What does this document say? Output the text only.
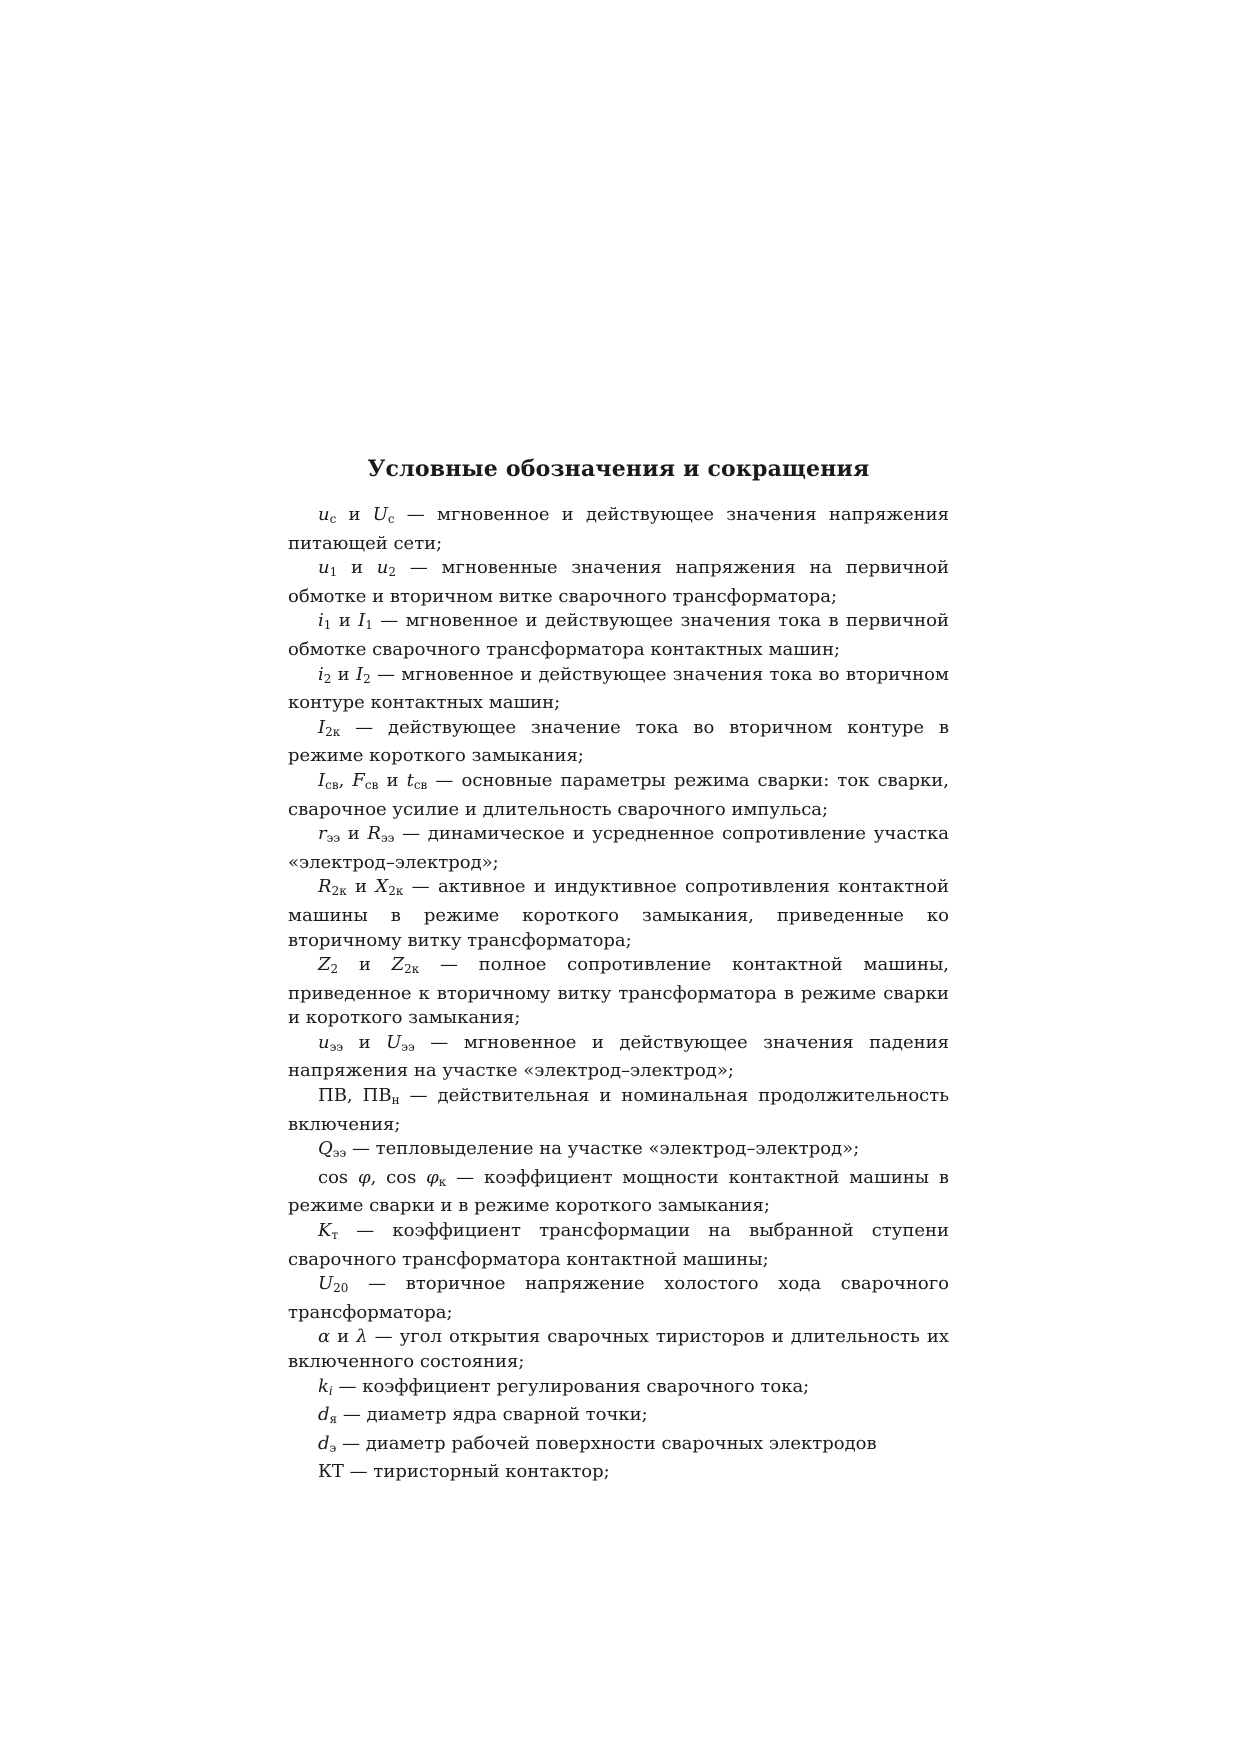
Условные обозначения и сокращения

$u_с$ и $U_с$ — мгновенное и действующее значения напряжения питающей сети;

$u_1$ и $u_2$ — мгновенные значения напряжения на первичной обмотке и вторичном витке сварочного трансформатора;

$i_1$ и $I_1$ — мгновенное и действующее значения тока в первичной обмотке сварочного трансформатора контактных машин;

$i_2$ и $I_2$ — мгновенное и действующее значения тока во вторичном контуре контактных машин;

$I_{2к}$ — действующее значение тока во вторичном контуре в режиме короткого замыкания;

$I_{св}$, $F_{св}$ и $t_{св}$ — основные параметры режима сварки: ток сварки, сварочное усилие и длительность сварочного импульса;

$r_{ээ}$ и $R_{ээ}$ — динамическое и усредненное сопротивление участка «электрод–электрод»;

$R_{2к}$ и $X_{2к}$ — активное и индуктивное сопротивления контактной машины в режиме короткого замыкания, приведенные ко вторичному витку трансформатора;

$Z_2$ и $Z_{2к}$ — полное сопротивление контактной машины, приведенное к вторичному витку трансформатора в режиме сварки и короткого замыкания;

$u_{ээ}$ и $U_{ээ}$ — мгновенное и действующее значения падения напряжения на участке «электрод–электрод»;

ПВ, $ПВ_н$ — действительная и номинальная продолжительность включения;

$Q_{ээ}$ — тепловыделение на участке «электрод–электрод»;

cos φ, $\cos \varphi_к$ — коэффициент мощности контактной машины в режиме сварки и в режиме короткого замыкания;

$K_т$ — коэффициент трансформации на выбранной ступени сварочного трансформатора контактной машины;

$U_{20}$ — вторичное напряжение холостого хода сварочного трансформатора;

α и λ — угол открытия сварочных тиристоров и длительность их включенного состояния;

$k_i$ — коэффициент регулирования сварочного тока;

$d_я$ — диаметр ядра сварной точки;

$d_э$ — диаметр рабочей поверхности сварочных электродов

КТ — тиристорный контактор;
